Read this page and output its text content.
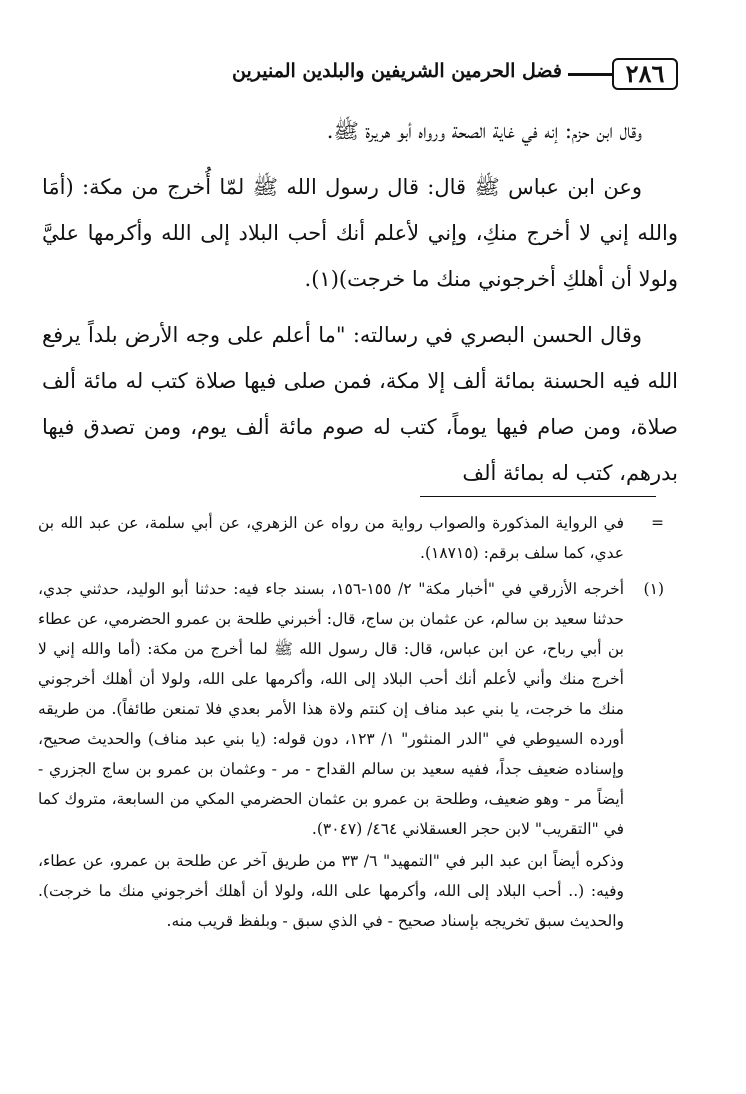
٢٨٦
فضل الحرمين الشريفين والبلدين المنيرين

وقال ابن حزم: إنه في غاية الصحة ورواه أبو هريرة ﷺ.

وعن ابن عباس ﷺ قال: قال رسول الله ﷺ لمّا أُخرج من مكة: (أمَا والله إني لا أخرج منكِ، وإني لأعلم أنك أحب البلاد إلى الله وأكرمها عليَّ ولولا أن أهلكِ أخرجوني منك ما خرجت)(١).

وقال الحسن البصري في رسالته: "ما أعلم على وجه الأرض بلداً يرفع الله فيه الحسنة بمائة ألف إلا مكة، فمن صلى فيها صلاة كتب له مائة ألف صلاة، ومن صام فيها يوماً، كتب له صوم مائة ألف يوم، ومن تصدق فيها بدرهم، كتب له بمائة ألف

=
في الرواية المذكورة والصواب رواية من رواه عن الزهري، عن أبي سلمة، عن عبد الله بن عدي، كما سلف برقم: (١٨٧١٥).
(١)
أخرجه الأزرقي في "أخبار مكة" ٢/ ١٥٥-١٥٦، بسند جاء فيه: حدثنا أبو الوليد، حدثني جدي، حدثنا سعيد بن سالم، عن عثمان بن ساج، قال: أخبرني طلحة بن عمرو الحضرمي، عن عطاء بن أبي رباح، عن ابن عباس، قال: قال رسول الله ﷺ لما أخرج من مكة: (أما والله إني لا أخرج منك وأني لأعلم أنك أحب البلاد إلى الله، وأكرمها على الله، ولولا أن أهلك أخرجوني منك ما خرجت، يا بني عبد مناف إن كنتم ولاة هذا الأمر بعدي فلا تمنعن طائفاً). من طريقه أورده السيوطي في "الدر المنثور" ١/ ١٢٣، دون قوله: (يا بني عبد مناف) والحديث صحيح، وإسناده ضعيف جداً، ففيه سعيد بن سالم القداح - مر - وعثمان بن عمرو بن ساج الجزري - أيضاً مر - وهو ضعيف، وطلحة بن عمرو بن عثمان الحضرمي المكي من السابعة، متروك كما في "التقريب" لابن حجر العسقلاني ٤٦٤/ (٣٠٤٧).
وذكره أيضاً ابن عبد البر في "التمهيد" ٦/ ٣٣ من طريق آخر عن طلحة بن عمرو، عن عطاء، وفيه: (.. أحب البلاد إلى الله، وأكرمها على الله، ولولا أن أهلك أخرجوني منك ما خرجت). والحديث سبق تخريجه بإسناد صحيح - في الذي سبق - وبلفظ قريب منه.
